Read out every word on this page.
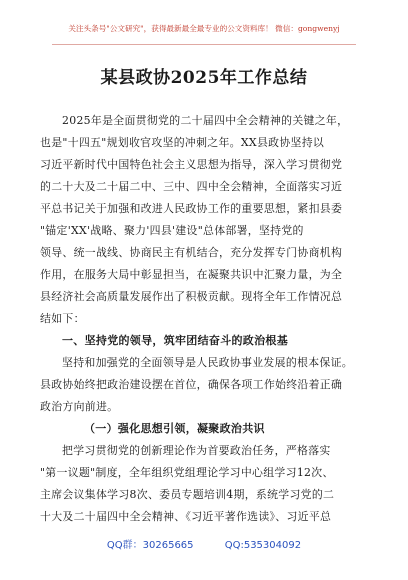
关注头条号"公文研究"，获得最新最全最专业的公文资料库！ 微信：gongwenyj
某县政协2025年工作总结
2025年是全面贯彻党的二十届四中全会精神的关键之年，
也是"十四五"规划收官攻坚的冲刺之年。XX县政协坚持以
习近平新时代中国特色社会主义思想为指导，深入学习贯彻党
的二十大及二十届二中、三中、四中全会精神，全面落实习近
平总书记关于加强和改进人民政协工作的重要思想，紧扣县委
"锚定'XX'战略、聚力'四县'建设"总体部署，坚持党的
领导、统一战线、协商民主有机结合，充分发挥专门协商机构
作用，在服务大局中彰显担当，在凝聚共识中汇聚力量，为全
县经济社会高质量发展作出了积极贡献。现将全年工作情况总
结如下：
一、坚持党的领导，筑牢团结奋斗的政治根基
坚持和加强党的全面领导是人民政协事业发展的根本保证。
县政协始终把政治建设摆在首位，确保各项工作始终沿着正确
政治方向前进。
（一）强化思想引领，凝聚政治共识
把学习贯彻党的创新理论作为首要政治任务，严格落实
"第一议题"制度，全年组织党组理论学习中心组学习12次、
主席会议集体学习8次、委员专题培训4期，系统学习党的二
十大及二十届四中全会精神、《习近平著作选读》、习近平总
QQ群：30265665	QQ:535304092
